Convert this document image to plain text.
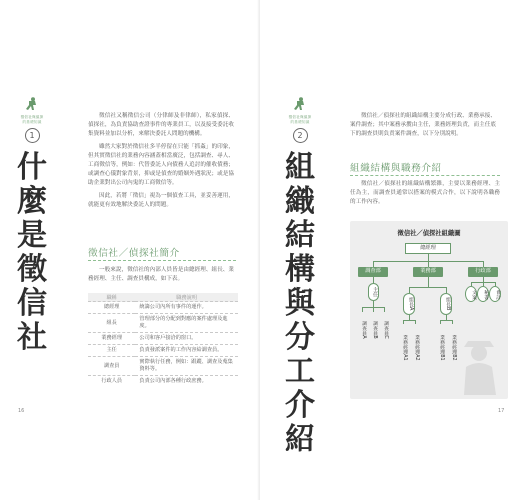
徵信社與偵探
的基礎知識
1
什麼是徵信社

徵信社又稱徵信公司（分律師及非律師），私家偵探、偵探社，為負責協助查證事件的專業員工，以及接受委託收集資料並加以分析，來解決委託人問題的機構。

雖然大家對於徵信社多半停留在只能「抓姦」的印象，但其實徵信社的業務內容涵蓋相當廣泛，包括調查、尋人、工商徵信等，例如：代替委託人向債務人追討的催收債務；或調查心儀對象背景，抑或是偵查的婚姻外遇狀況；或是協助企業對出公司內鬼的工商徵信等。

因此，若將「徵信」視為一個偵查工具，並妥善運用，就能更有效地解決委託人的問題。

徵信社／偵探社簡介

一般來說，徵信社的內部人員皆是由總經理、組長、業務經理、主任、調查員構成，如下表。

職稱	職務說明
總經理	統籌公司內所有事件的運作。
組長	管理部分的分配到對應的案件處理及進度。
業務經理	公司和客戶接洽的窗口。
主任	負責發派案件的工作內容給調查員。
調查員	實際執行任務，例如：跟蹤、調查及蒐集資料等。
行政人員	負責公司內部各種行政庶務。
16
徵信社與偵探
的基礎知識
2
組織結構與分工介紹

徵信社／偵探社的組織結構主要分成行政、業務承接、案件調查；其中案務承攬由主任，業務經理負責，而主任底下的調查員則負責案件調查，以下分別說明。

組織結構與職務介紹

徵信社／偵探社的組織結構繁雜，主要以業務經理、主任為主，而調查員通常以搭案的模式合作，以下說明各職務的工作內容。

徵信社／偵探社組織圖
總經理
調查部	業務部	行政部
主任
調查員A	調查員B	調查員C
組長A	組長B
業務經理A1	業務經理A2	業務經理B1	業務經理B2
文案	秘書	會計
17
